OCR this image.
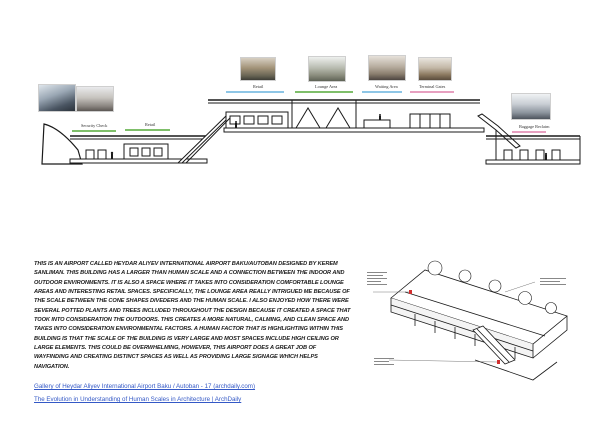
Security Check	Retail
Retail	Lounge Area	Waiting Area	Terminal Gates
Baggage Reclaim

THIS IS AN AIRPORT CALLED HEYDAR ALIYEV INTERNATIONAL AIRPORT BAKU/AUTOBAN DESIGNED BY KEREM SANLIMAN. THIS BUILDING HAS A LARGER THAN HUMAN SCALE AND A CONNECTION BETWEEN THE INDOOR AND OUTDOOR ENVIRONMENTS. IT IS ALSO A SPACE WHERE IT TAKES INTO CONSIDERATION COMFORTABLE LOUNGE AREAS AND INTERESTING RETAIL SPACES. SPECIFICALLY, THE LOUNGE AREA REALLY INTRIGUED ME BECAUSE OF THE SCALE BETWEEN THE CONE SHAPES DIVEDERS AND THE HUMAN SCALE. I ALSO ENJOYED HOW THERE WERE SEVERAL POTTED PLANTS AND TREES INCLUDED THROUGHOUT THE DESIGN BECAUSE IT CREATED A SPACE THAT TOOK INTO CONSIDERATION THE OUTDOORS. THIS CREATES A MORE NATURAL, CALMING, AND CLEAN SPACE AND TAKES INTO CONSIDERATION ENVIRONMENTAL FACTORS. A HUMAN FACTOR THAT IS HIGHLIGHTING WITHIN THIS BUILDING IS THAT THE SCALE OF THE BUILDING IS VERY LARGE AND MOST SPACES INCLUDE HIGH CEILING OR LARGE ELEMENTS. THIS COULD BE OVERWHELMING, HOWEVER, THIS AIRPORT DOES A GREAT JOB OF WAYFINDING AND CREATING DISTINCT SPACES AS WELL AS PROVIDING LARGE SIGNAGE WHICH HELPS NAVIGATION.

Gallery of Heydar Aliyev International Airport Baku / Autoban - 17 (archdaily.com)
The Evolution in Understanding of Human Scales in Architecture | ArchDaily
